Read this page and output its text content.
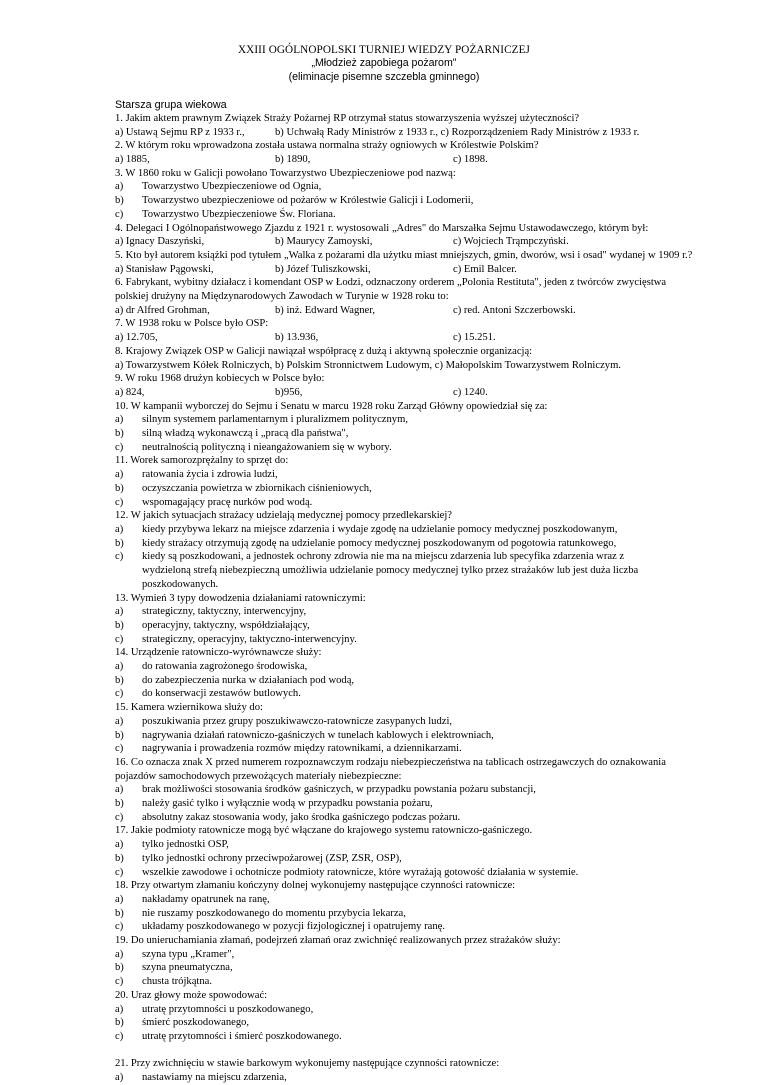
XXIII OGÓLNOPOLSKI TURNIEJ WIEDZY POŻARNICZEJ
„Młodzież zapobiega pożarom"
(eliminacje pisemne szczebla gminnego)
Starsza grupa wiekowa
1. Jakim aktem prawnym Związek Straży Pożarnej RP otrzymał status stowarzyszenia wyższej użyteczności?
a) Ustawą Sejmu RP z 1933 r.,	b) Uchwałą Rady Ministrów z 1933 r., c) Rozporządzeniem Rady Ministrów z 1933 r.
2. W którym roku wprowadzona została ustawa normalna straży ogniowych w Królestwie Polskim?
a) 1885,	b) 1890,	c) 1898.
3. W 1860 roku w Galicji powołano Towarzystwo Ubezpieczeniowe pod nazwą:
a) Towarzystwo Ubezpieczeniowe od Ognia,
b) Towarzystwo ubezpieczeniowe od pożarów w Królestwie Galicji i Lodomerii,
c) Towarzystwo Ubezpieczeniowe Św. Floriana.
4. Delegaci I Ogólnopaństwowego Zjazdu z 1921 r. wystosowali „Adres" do Marszałka Sejmu Ustawodawczego, którym był:
a) Ignacy Daszyński,	b) Maurycy Zamoyski,	c) Wojciech Trąmpczyński.
5. Kto był autorem książki pod tytułem „Walka z pożarami dla użytku miast mniejszych, gmin, dworów, wsi i osad" wydanej w 1909 r.?
a) Stanisław Pągowski,	b) Józef Tuliszkowski,	c) Emil Balcer.
6. Fabrykant, wybitny działacz i komendant OSP w Łodzi, odznaczony orderem „Polonia Restituta", jeden z twórców zwycięstwa polskiej drużyny na Międzynarodowych Zawodach w Turynie w 1928 roku to:
a) dr Alfred Grohman,	b) inż. Edward Wagner,	c) red. Antoni Szczerbowski.
7. W 1938 roku w Polsce było OSP:
a) 12.705,	b) 13.936,	c) 15.251.
8. Krajowy Związek OSP w Galicji nawiązał współpracę z dużą i aktywną społecznie organizacją:
a) Towarzystwem Kółek Rolniczych, b) Polskim Stronnictwem Ludowym, c) Małopolskim Towarzystwem Rolniczym.
9. W roku 1968 drużyn kobiecych w Polsce było:
a) 824,	b)956,	c) 1240.
10. W kampanii wyborczej do Sejmu i Senatu w marcu 1928 roku Zarząd Główny opowiedział się za:
a) silnym systemem parlamentarnym i pluralizmem politycznym,
b) silną władzą wykonawczą i „pracą dla państwa",
c) neutralnością polityczną i nieangażowaniem się w wybory.
11. Worek samorozprężalny to sprzęt do:
a) ratowania życia i zdrowia ludzi,
b) oczyszczania powietrza w zbiornikach ciśnieniowych,
c) wspomagający pracę nurków pod wodą.
12. W jakich sytuacjach strażacy udzielają medycznej pomocy przedlekarskiej?
a) kiedy przybywa lekarz na miejsce zdarzenia i wydaje zgodę na udzielanie pomocy medycznej poszkodowanym,
b) kiedy strażacy otrzymują zgodę na udzielanie pomocy medycznej poszkodowanym od pogotowia ratunkowego,
c) kiedy są poszkodowani, a jednostek ochrony zdrowia nie ma na miejscu zdarzenia lub specyfika zdarzenia wraz z wydzieloną strefą niebezpieczną umożliwia udzielanie pomocy medycznej tylko przez strażaków lub jest duża liczba poszkodowanych.
13. Wymień 3 typy dowodzenia działaniami ratowniczymi:
a) strategiczny, taktyczny, interwencyjny,
b) operacyjny, taktyczny, współdziałający,
c) strategiczny, operacyjny, taktyczno-interwencyjny.
14. Urządzenie ratowniczo-wyrównawcze służy:
a) do ratowania zagrożonego środowiska,
b) do zabezpieczenia nurka w działaniach pod wodą,
c) do konserwacji zestawów butlowych.
15. Kamera wziernikowa służy do:
a) poszukiwania przez grupy poszukiwawczo-ratownicze zasypanych ludzi,
b) nagrywania działań ratowniczo-gaśniczych w tunelach kablowych i elektrowniach,
c) nagrywania i prowadzenia rozmów między ratownikami, a dziennikarzami.
16. Co oznacza znak X przed numerem rozpoznawczym rodzaju niebezpieczeństwa na tablicach ostrzegawczych do oznakowania pojazdów samochodowych przewożących materiały niebezpieczne:
a) brak możliwości stosowania środków gaśniczych, w przypadku powstania pożaru substancji,
b) należy gasić tylko i wyłącznie wodą w przypadku powstania pożaru,
c) absolutny zakaz stosowania wody, jako środka gaśniczego podczas pożaru.
17. Jakie podmioty ratownicze mogą być włączane do krajowego systemu ratowniczo-gaśniczego.
a) tylko jednostki OSP,
b) tylko jednostki ochrony przeciwpożarowej (ZSP, ZSR, OSP),
c) wszelkie zawodowe i ochotnicze podmioty ratownicze, które wyrażają gotowość działania w systemie.
18. Przy otwartym złamaniu kończyny dolnej wykonujemy następujące czynności ratownicze:
a) nakładamy opatrunek na ranę,
b) nie ruszamy poszkodowanego do momentu przybycia lekarza,
c) układamy poszkodowanego w pozycji fizjologicznej i opatrujemy ranę.
19. Do unieruchamiania złamań, podejrzeń złamań oraz zwichnięć realizowanych przez strażaków służy:
a) szyna typu „Kramer",
b) szyna pneumatyczna,
c) chusta trójkątna.
20. Uraz głowy może spowodować:
a) utratę przytomności u poszkodowanego,
b) śmierć poszkodowanego,
c) utratę przytomności i śmierć poszkodowanego.
21. Przy zwichnięciu w stawie barkowym wykonujemy następujące czynności ratownicze:
a) nastawiamy na miejscu zdarzenia,
